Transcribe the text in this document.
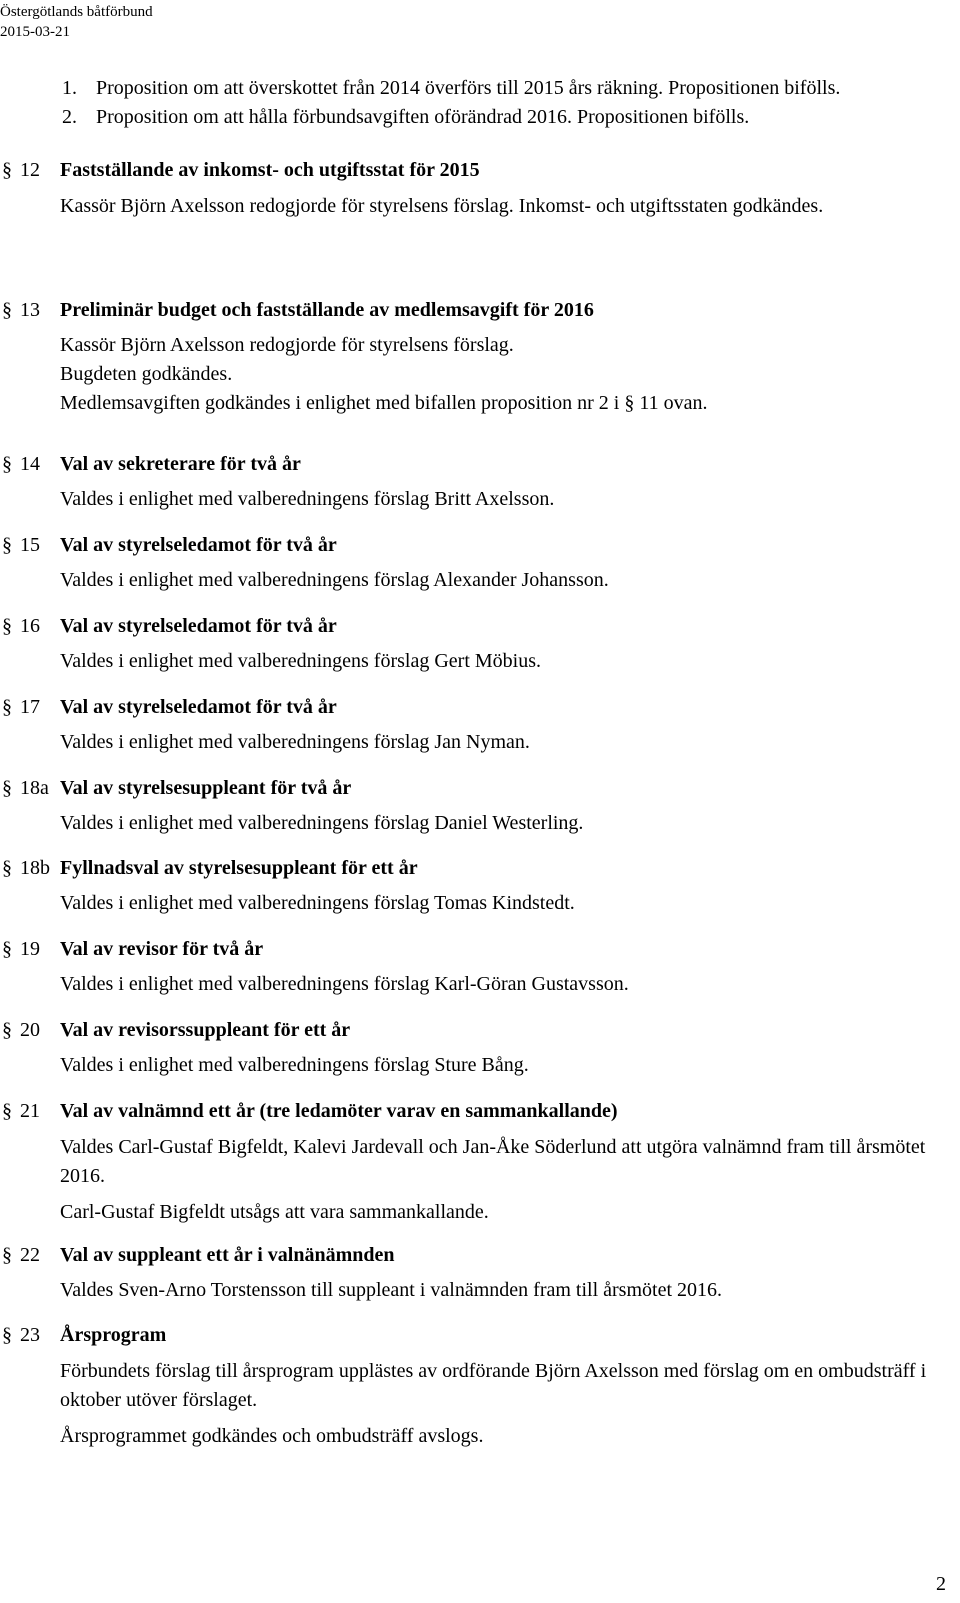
Östergötlands båtförbund
2015-03-21
1. Proposition om att överskottet från 2014 överförs till 2015 års räkning. Propositionen bifölls.
2. Proposition om att hålla förbundsavgiften oförändrad 2016. Propositionen bifölls.
§ 12 Fastställande av inkomst- och utgiftsstat för 2015

Kassör Björn Axelsson redogjorde för styrelsens förslag. Inkomst- och utgiftsstaten godkändes.

§ 13 Preliminär budget och fastställande av medlemsavgift för 2016

Kassör Björn Axelsson redogjorde för styrelsens förslag.

Bugdeten godkändes.

Medlemsavgiften godkändes i enlighet med bifallen proposition nr 2 i § 11 ovan.

§ 14 Val av sekreterare för två år

Valdes i enlighet med valberedningens förslag Britt Axelsson.

§ 15 Val av styrelseledamot för två år

Valdes i enlighet med valberedningens förslag Alexander Johansson.

§ 16 Val av styrelseledamot för två år

Valdes i enlighet med valberedningens förslag Gert Möbius.

§ 17 Val av styrelseledamot för två år

Valdes i enlighet med valberedningens förslag Jan Nyman.

§ 18a Val av styrelsesuppleant för två år

Valdes i enlighet med valberedningens förslag Daniel Westerling.

§ 18b Fyllnadsval av styrelsesuppleant för ett år

Valdes i enlighet med valberedningens förslag Tomas Kindstedt.

§ 19 Val av revisor för två år

Valdes i enlighet med valberedningens förslag Karl-Göran Gustavsson.

§ 20 Val av revisorssuppleant för ett år

Valdes i enlighet med valberedningens förslag Sture Bång.

§ 21 Val av valnämnd ett år (tre ledamöter varav en sammankallande)

Valdes Carl-Gustaf Bigfeldt, Kalevi Jardevall och Jan-Åke Söderlund att utgöra valnämnd fram till årsmötet 2016.

Carl-Gustaf Bigfeldt utsågs att vara sammankallande.

§ 22 Val av suppleant ett år i valnänämnden

Valdes Sven-Arno Torstensson till suppleant i valnämnden fram till årsmötet 2016.

§ 23 Årsprogram

Förbundets förslag till årsprogram upplästes av ordförande Björn Axelsson med förslag om en ombudsträff i oktober utöver förslaget.

Årsprogrammet godkändes och ombudsträff avslogs.

2
